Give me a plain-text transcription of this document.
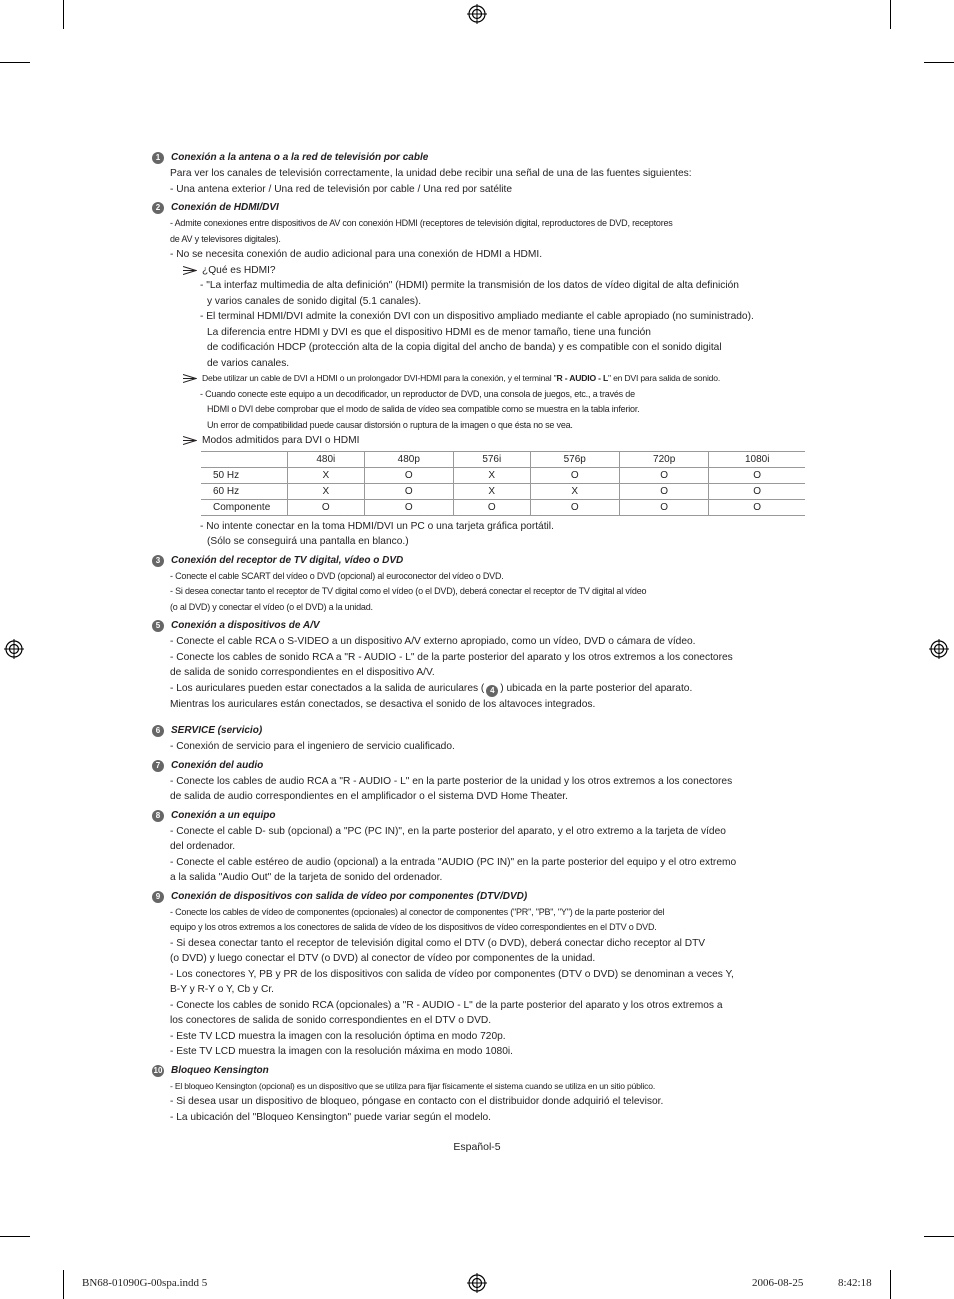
1	Conexión a la antena o a la red de televisión por cable
Para ver los canales de televisión correctamente, la unidad debe recibir una señal de una de las fuentes siguientes:
- Una antena exterior / Una red de televisión por cable / Una red por satélite
2	Conexión de HDMI/DVI
- Admite conexiones entre dispositivos de AV con conexión HDMI (receptores de televisión digital, reproductores de DVD, receptores
de AV y televisores digitales).
- No se necesita conexión de audio adicional para una conexión de HDMI a HDMI.
¿Qué es HDMI?
- "La interfaz multimedia de alta definición" (HDMI) permite la transmisión de los datos de vídeo digital de alta definición
y varios canales de sonido digital (5.1 canales).
- El terminal HDMI/DVI admite la conexión DVI con un dispositivo ampliado mediante el cable apropiado (no suministrado).
La diferencia entre HDMI y DVI es que el dispositivo HDMI es de menor tamaño, tiene una función
de codificación HDCP (protección alta de la copia digital del ancho de banda) y es compatible con el sonido digital
de varios canales.
Debe utilizar un cable de DVI a HDMI o un prolongador DVI-HDMI para la conexión, y el terminal "R - AUDIO - L" en DVI para salida de sonido.
- Cuando conecte este equipo a un decodificador, un reproductor de DVD, una consola de juegos, etc., a través de
HDMI o DVI debe comprobar que el modo de salida de vídeo sea compatible como se muestra en la tabla inferior.
Un error de compatibilidad puede causar distorsión o ruptura de la imagen o que ésta no se vea.
Modos admitidos para DVI o HDMI
	480i	480p	576i	576p	720p	1080i
50 Hz	X	O	X	O	O	O
60 Hz	X	O	X	X	O	O
Componente	O	O	O	O	O	O
- No intente conectar en la toma HDMI/DVI un PC o una tarjeta gráfica portátil.
(Sólo se conseguirá una pantalla en blanco.)
3	Conexión del receptor de TV digital, vídeo o DVD
- Conecte el cable SCART del vídeo o DVD (opcional) al euroconector del vídeo o DVD.
- Si desea conectar tanto el receptor de TV digital como el vídeo (o el DVD), deberá conectar el receptor de TV digital al vídeo
(o al DVD) y conectar el vídeo (o el DVD) a la unidad.
5	Conexión a dispositivos de A/V
- Conecte el cable RCA o S-VIDEO a un dispositivo A/V externo apropiado, como un vídeo, DVD o cámara de vídeo.
- Conecte los cables de sonido RCA a "R - AUDIO - L" de la parte posterior del aparato y los otros extremos a los conectores
de salida de sonido correspondientes en el dispositivo A/V.
- Los auriculares pueden estar conectados a la salida de auriculares ( 4 ) ubicada en la parte posterior del aparato.
Mientras los auriculares están conectados, se desactiva el sonido de los altavoces integrados.
6	SERVICE (servicio)
- Conexión de servicio para el ingeniero de servicio cualificado.
7	Conexión del audio
- Conecte los cables de audio RCA a "R - AUDIO - L" en la parte posterior de la unidad y los otros extremos a los conectores
de salida de audio correspondientes en el amplificador o el sistema DVD Home Theater.
8	Conexión a un equipo
- Conecte el cable D- sub (opcional) a "PC (PC IN)", en la parte posterior del aparato, y el otro extremo a la tarjeta de vídeo
del ordenador.
- Conecte el cable estéreo de audio (opcional) a la entrada "AUDIO (PC IN)" en la parte posterior del equipo y el otro extremo
a la salida "Audio Out" de la tarjeta de sonido del ordenador.
9	Conexión de dispositivos con salida de vídeo por componentes (DTV/DVD)
- Conecte los cables de vídeo de componentes (opcionales) al conector de componentes ("PR", "PB", "Y") de la parte posterior del
equipo y los otros extremos a los conectores de salida de vídeo de los dispositivos de vídeo correspondientes en el DTV o DVD.
- Si desea conectar tanto el receptor de televisión digital como el DTV (o DVD), deberá conectar dicho receptor al DTV
(o DVD) y luego conectar el DTV (o DVD) al conector de vídeo por componentes de la unidad.
- Los conectores Y, PB y PR de los dispositivos con salida de vídeo por componentes (DTV o DVD) se denominan a veces Y,
B-Y y R-Y o Y, Cb y Cr.
- Conecte los cables de sonido RCA (opcionales) a "R - AUDIO - L" de la parte posterior del aparato y los otros extremos a
los conectores de salida de sonido correspondientes en el DTV o DVD.
- Este TV LCD muestra la imagen con la resolución óptima en modo 720p.
- Este TV LCD muestra la imagen con la resolución máxima en modo 1080i.
10 Bloqueo Kensington
- El bloqueo Kensington (opcional) es un dispositivo que se utiliza para fijar físicamente el sistema cuando se utiliza en un sitio público.
- Si desea usar un dispositivo de bloqueo, póngase en contacto con el distribuidor donde adquirió el televisor.
- La ubicación del "Bloqueo Kensington" puede variar según el modelo.
Español-5
BN68-01090G-00spa.indd 5	2006-08-25	8:42:18
